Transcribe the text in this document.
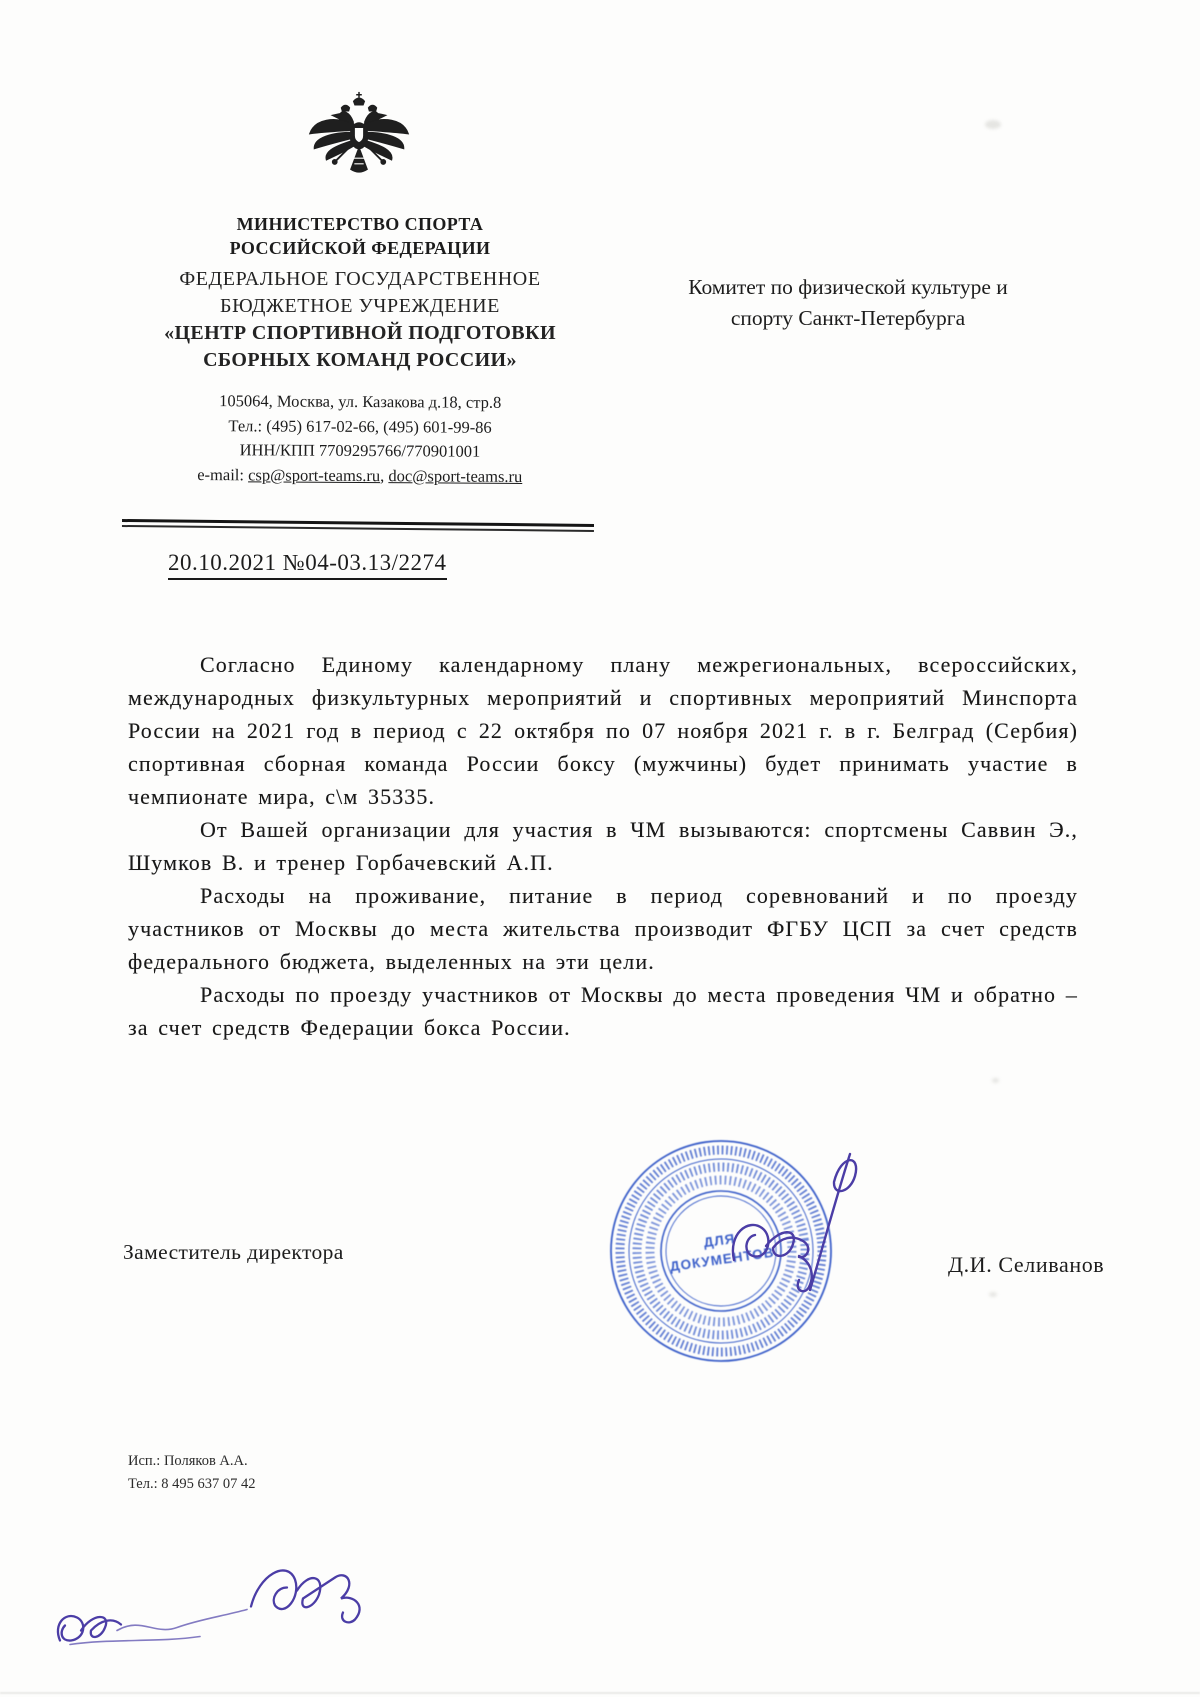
МИНИСТЕРСТВО СПОРТА
РОССИЙСКОЙ ФЕДЕРАЦИИ
ФЕДЕРАЛЬНОЕ ГОСУДАРСТВЕННОЕ
БЮДЖЕТНОЕ УЧРЕЖДЕНИЕ
«ЦЕНТР СПОРТИВНОЙ ПОДГОТОВКИ
СБОРНЫХ КОМАНД РОССИИ»
105064, Москва, ул. Казакова д.18, стр.8
Тел.: (495) 617-02-66, (495) 601-99-86
ИНН/КПП 7709295766/770901001
e-mail: csp@sport-teams.ru, doc@sport-teams.ru
Комитет по физической культуре и
спорту Санкт-Петербурга
20.10.2021 №04-03.13/2274

Согласно Единому календарному плану межрегиональных, всероссийских, международных физкультурных мероприятий и спортивных мероприятий Минспорта России на 2021 год в период с 22 октября по 07 ноября 2021 г. в г. Белград (Сербия) спортивная сборная команда России боксу (мужчины) будет принимать участие в чемпионате мира, с\м 35335.

От Вашей организации для участия в ЧМ вызываются: спортсмены Саввин Э., Шумков В. и тренер Горбачевский А.П.

Расходы на проживание, питание в период соревнований и по проезду участников от Москвы до места жительства производит ФГБУ ЦСП за счет средств федерального бюджета, выделенных на эти цели.

Расходы по проезду участников от Москвы до места проведения ЧМ и обратно – за счет средств Федерации бокса России.

Заместитель директора	ДЛЯ
ДОКУМЕНТОВ	Д.И. Селиванов
Исп.: Поляков А.А.
Тел.: 8 495 637 07 42
